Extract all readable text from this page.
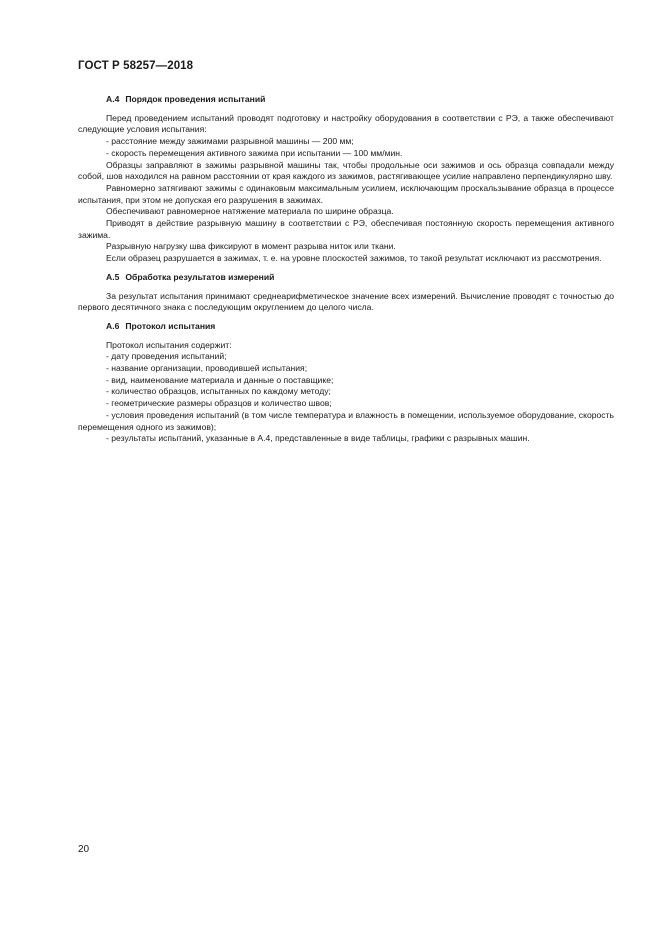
ГОСТ Р 58257—2018
А.4 Порядок проведения испытаний

Перед проведением испытаний проводят подготовку и настройку оборудования в соответствии с РЭ, а также обеспечивают следующие условия испытания:

- расстояние между зажимами разрывной машины — 200 мм;

- скорость перемещения активного зажима при испытании — 100 мм/мин.

Образцы заправляют в зажимы разрывной машины так, чтобы продольные оси зажимов и ось образца совпадали между собой, шов находился на равном расстоянии от края каждого из зажимов, растягивающее усилие направлено перпендикулярно шву.

Равномерно затягивают зажимы с одинаковым максимальным усилием, исключающим проскальзывание образца в процессе испытания, при этом не допуская его разрушения в зажимах.

Обеспечивают равномерное натяжение материала по ширине образца.

Приводят в действие разрывную машину в соответствии с РЭ, обеспечивая постоянную скорость перемещения активного зажима.

Разрывную нагрузку шва фиксируют в момент разрыва ниток или ткани.

Если образец разрушается в зажимах, т. е. на уровне плоскостей зажимов, то такой результат исключают из рассмотрения.

А.5 Обработка результатов измерений

За результат испытания принимают среднеарифметическое значение всех измерений. Вычисление проводят с точностью до первого десятичного знака с последующим округлением до целого числа.

А.6 Протокол испытания

Протокол испытания содержит:

- дату проведения испытаний;

- название организации, проводившей испытания;

- вид, наименование материала и данные о поставщике;

- количество образцов, испытанных по каждому методу;

- геометрические размеры образцов и количество швов;

- условия проведения испытаний (в том числе температура и влажность в помещении, используемое оборудование, скорость перемещения одного из зажимов);

- результаты испытаний, указанные в А.4, представленные в виде таблицы, графики с разрывных машин.

20
